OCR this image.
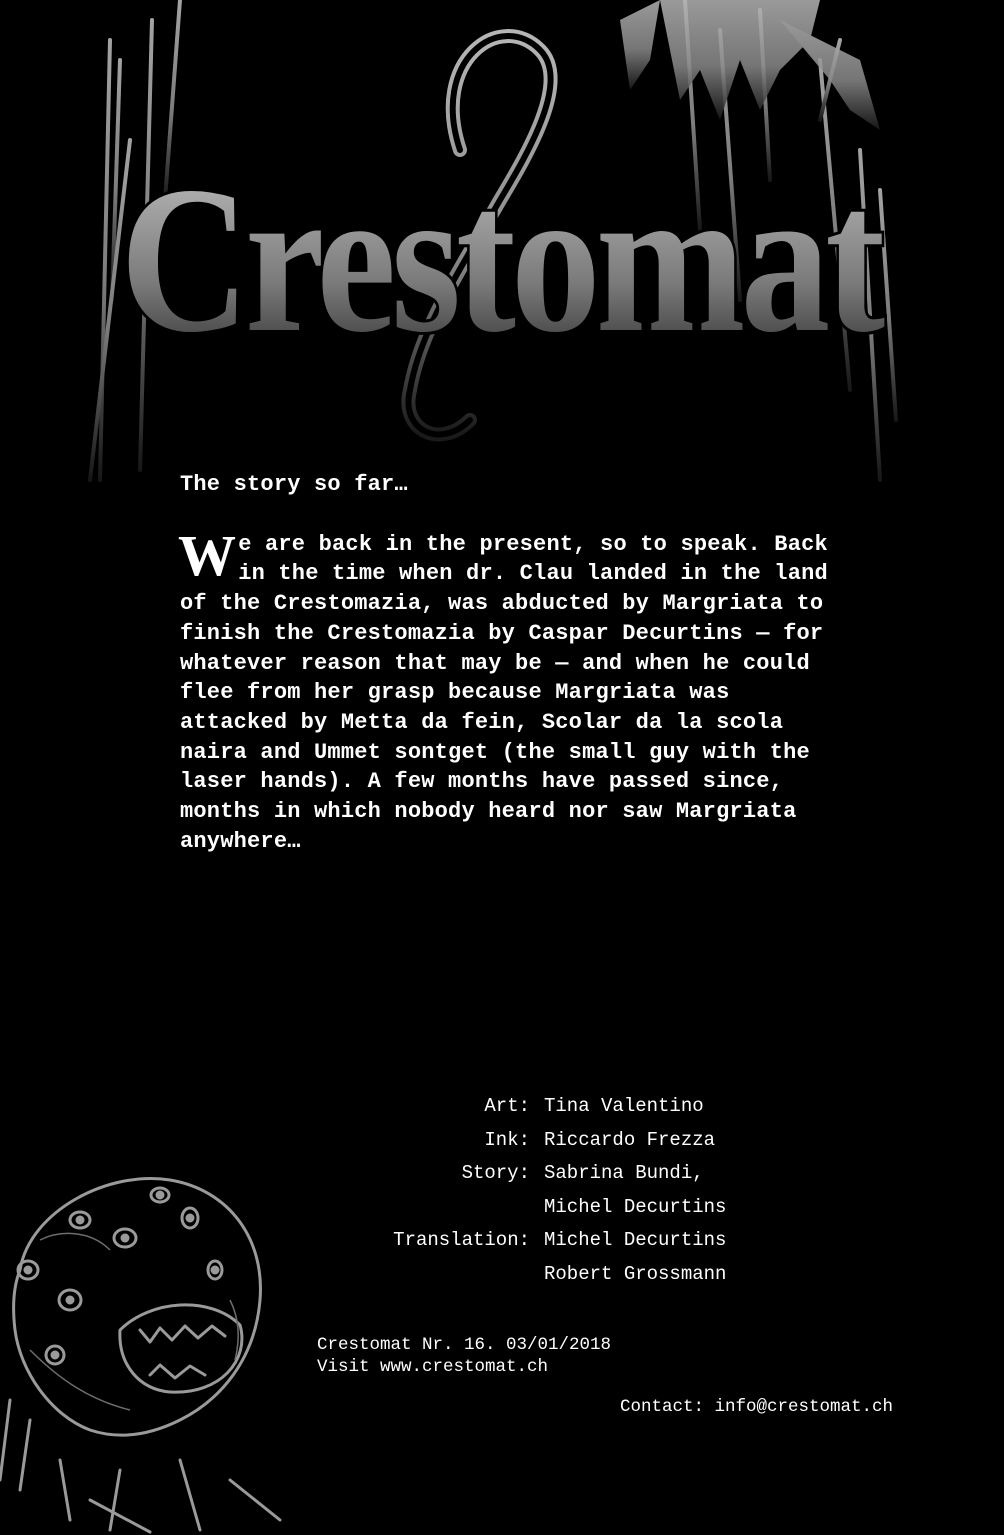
Crestomat

The story so far…

We are back in the present, so to speak. Back in the time when dr. Clau landed in the land of the Crestomazia, was abducted by Margriata to finish the Crestomazia by Caspar Decurtins — for whatever reason that may be — and when he could flee from her grasp because Margriata was attacked by Metta da fein, Scolar da la scola naira and Ummet sontget (the small guy with the laser hands). A few months have passed since, months in which nobody heard nor saw Margriata anywhere…

Art: Tina Valentino
Ink: Riccardo Frezza
Story: Sabrina Bundi,
Michel Decurtins
Translation: Michel Decurtins
Robert Grossmann
Crestomat Nr. 16. 03/01/2018
Visit www.crestomat.ch
Contact: info@crestomat.ch
